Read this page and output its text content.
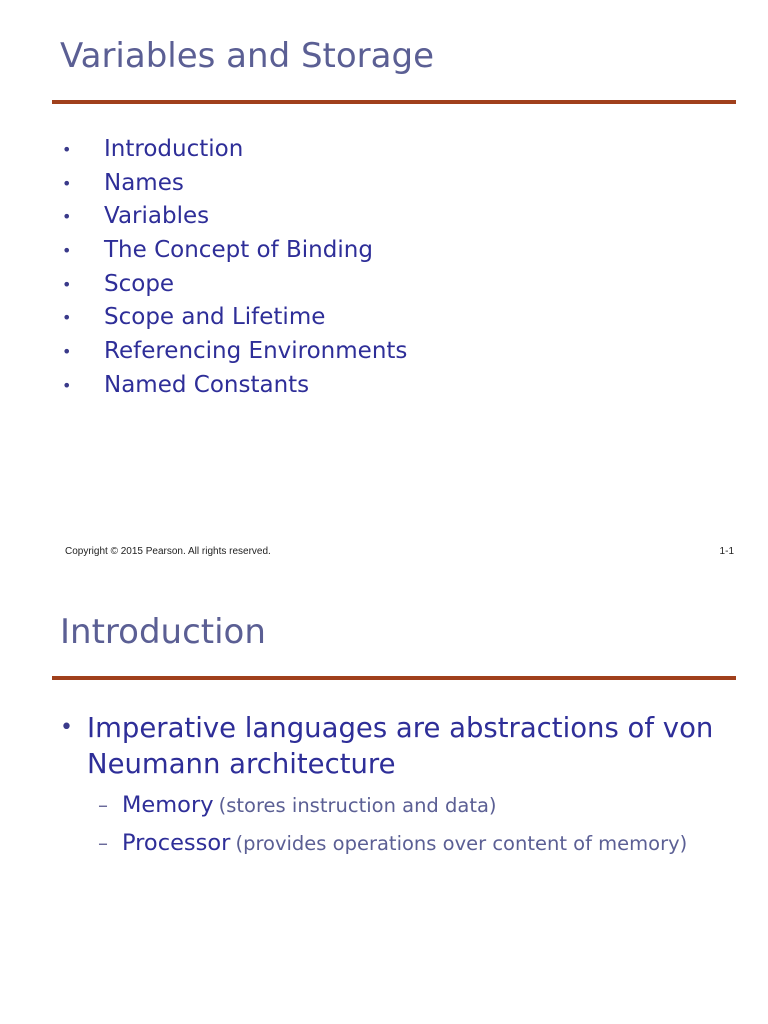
Variables and Storage
• Introduction
• Names
• Variables
• The Concept of Binding
• Scope
• Scope and Lifetime
• Referencing Environments
• Named Constants
Copyright © 2015 Pearson. All rights reserved.	1-1
Introduction
• Imperative languages are abstractions of von Neumann architecture
– Memory (stores instruction and data)
– Processor (provides operations over content of memory)
